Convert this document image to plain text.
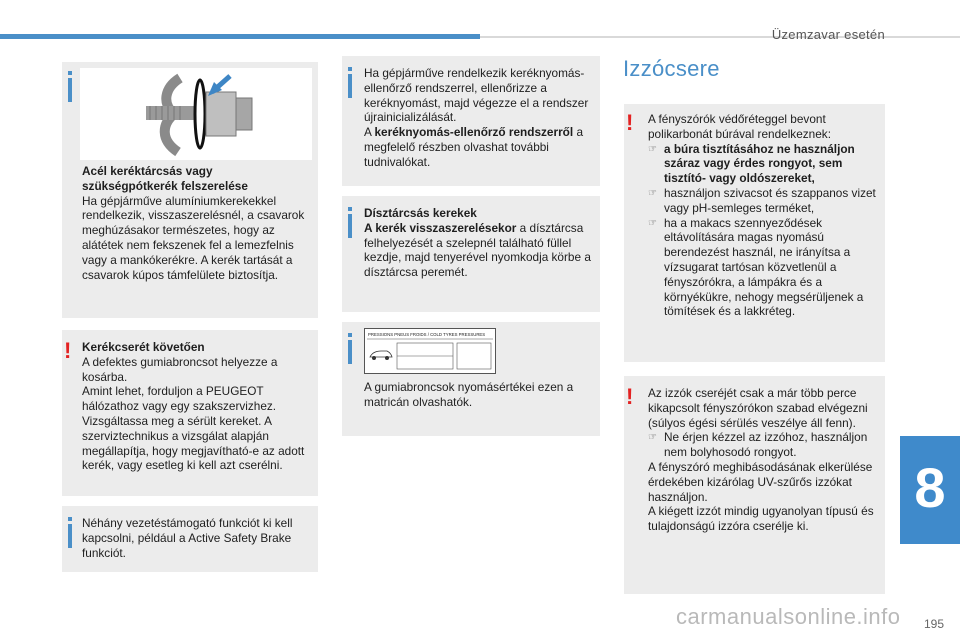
Üzemzavar esetén
Acél keréktárcsás vagy
szükségpótkerék felszerelése
Ha gépjárműve alumíniumkerekekkel rendelkezik, visszaszerelésnél, a csavarok meghúzásakor természetes, hogy az alátétek nem fekszenek fel a lemezfelnis vagy a mankókerékre. A kerék tartását a csavarok kúpos támfelülete biztosítja.
! Kerékcserét követően
A defektes gumiabroncsot helyezze a kosárba.
Amint lehet, forduljon a PEUGEOT hálózathoz vagy egy szakszervizhez.
Vizsgáltassa meg a sérült kereket. A szerviztechnikus a vizsgálat alapján megállapítja, hogy megjavítható-e az adott kerék, vagy esetleg ki kell azt cserélni.
Néhány vezetéstámogató funkciót ki kell kapcsolni, például a Active Safety Brake funkciót.
Ha gépjárműve rendelkezik keréknyomás-ellenőrző rendszerrel, ellenőrizze a keréknyomást, majd végezze el a rendszer újrainicializálását.
A keréknyomás-ellenőrző rendszerről a megfelelő részben olvashat további tudnivalókat.
Dísztárcsás kerekek
A kerék visszaszerelésekor a dísztárcsa felhelyezését a szelepnél található füllel kezdje, majd tenyerével nyomkodja körbe a dísztárcsa peremét.
PRESSIONS PNEUS FROIDS / COLD TYRES PRESSURES
A gumiabroncsok nyomásértékei ezen a matricán olvashatók.
Izzócsere
! A fényszórók védőréteggel bevont polikarbonát búrával rendelkeznek:
☞ a búra tisztításához ne használjon száraz vagy érdes rongyot, sem tisztító- vagy oldószereket,
☞ használjon szivacsot és szappanos vizet vagy pH-semleges terméket,
☞ ha a makacs szennyeződések eltávolítására magas nyomású berendezést használ, ne irányítsa a vízsugarat tartósan közvetlenül a fényszórókra, a lámpákra és a környékükre, nehogy megsérüljenek a tömítések és a lakkréteg.
! Az izzók cseréjét csak a már több perce kikapcsolt fényszórókon szabad elvégezni (súlyos égési sérülés veszélye áll fenn).
☞ Ne érjen kézzel az izzóhoz, használjon nem bolyhosodó rongyot.
A fényszóró meghibásodásának elkerülése érdekében kizárólag UV-szűrős izzókat használjon.
A kiégett izzót mindig ugyanolyan típusú és tulajdonságú izzóra cserélje ki.
8
carmanualsonline.info 195
